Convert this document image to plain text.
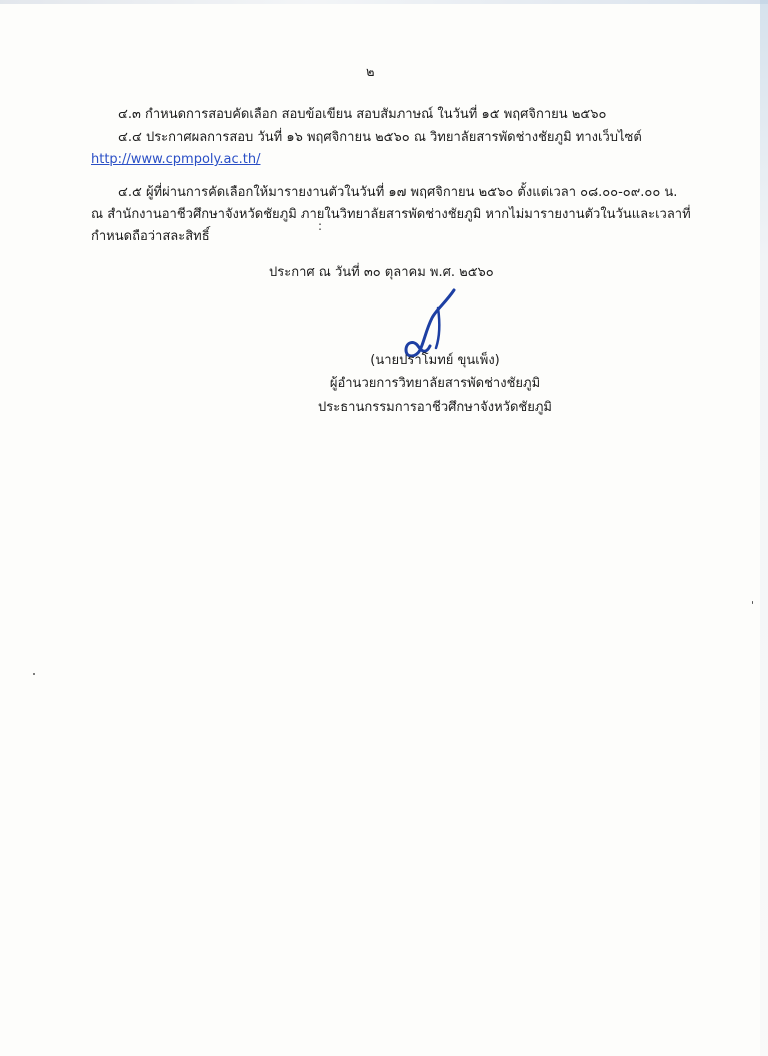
๒
๔.๓ กำหนดการสอบคัดเลือก สอบข้อเขียน สอบสัมภาษณ์ ในวันที่ ๑๕ พฤศจิกายน ๒๕๖๐
๔.๔ ประกาศผลการสอบ วันที่ ๑๖ พฤศจิกายน ๒๕๖๐ ณ วิทยาลัยสารพัดช่างชัยภูมิ ทางเว็บไซต์
http://www.cpmpoly.ac.th/
๔.๕ ผู้ที่ผ่านการคัดเลือกให้มารายงานตัวในวันที่ ๑๗ พฤศจิกายน ๒๕๖๐ ตั้งแต่เวลา ๐๘.๐๐-๐๙.๐๐ น.
ณ สำนักงานอาชีวศึกษาจังหวัดชัยภูมิ ภายในวิทยาลัยสารพัดช่างชัยภูมิ หากไม่มารายงานตัวในวันและเวลาที่
กำหนดถือว่าสละสิทธิ์
:
ประกาศ ณ วันที่ ๓๐ ตุลาคม พ.ศ. ๒๕๖๐
(นายปราโมทย์ ขุนเพ็ง)
ผู้อำนวยการวิทยาลัยสารพัดช่างชัยภูมิ
ประธานกรรมการอาชีวศึกษาจังหวัดชัยภูมิ
